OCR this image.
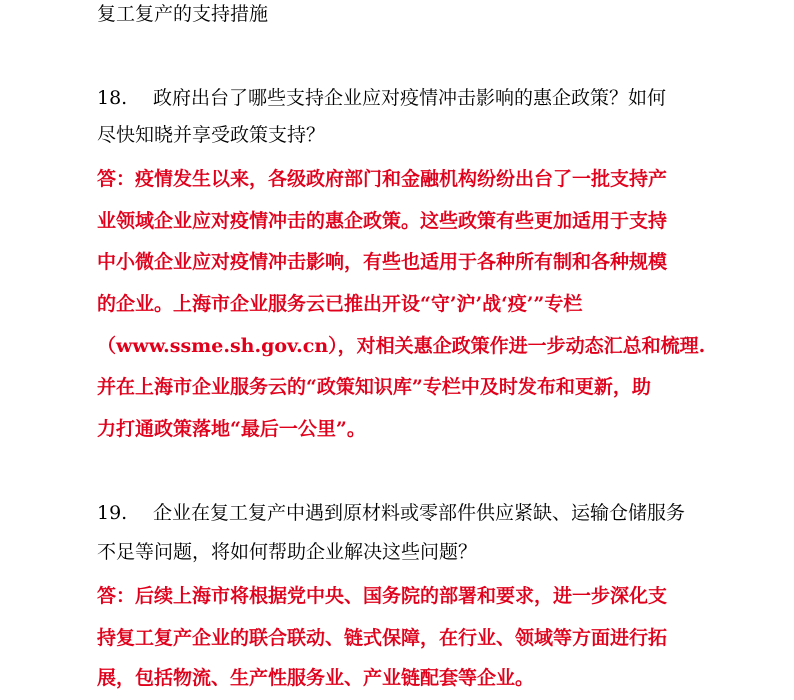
复工复产的支持措施
18. 政府出台了哪些支持企业应对疫情冲击影响的惠企政策？如何
尽快知晓并享受政策支持？
答：疫情发生以来，各级政府部门和金融机构纷纷出台了一批支持产
业领域企业应对疫情冲击的惠企政策。这些政策有些更加适用于支持
中小微企业应对疫情冲击影响，有些也适用于各种所有制和各种规模
的企业。上海市企业服务云已推出开设“守’沪’战‘疫’”专栏
（www.ssme.sh.gov.cn），对相关惠企政策作进一步动态汇总和梳理.
并在上海市企业服务云的“政策知识库”专栏中及时发布和更新，助
力打通政策落地“最后一公里”。
19. 企业在复工复产中遇到原材料或零部件供应紧缺、运输仓储服务
不足等问题，将如何帮助企业解决这些问题？
答：后续上海市将根据党中央、国务院的部署和要求，进一步深化支
持复工复产企业的联合联动、链式保障，在行业、领域等方面进行拓
展，包括物流、生产性服务业、产业链配套等企业。
